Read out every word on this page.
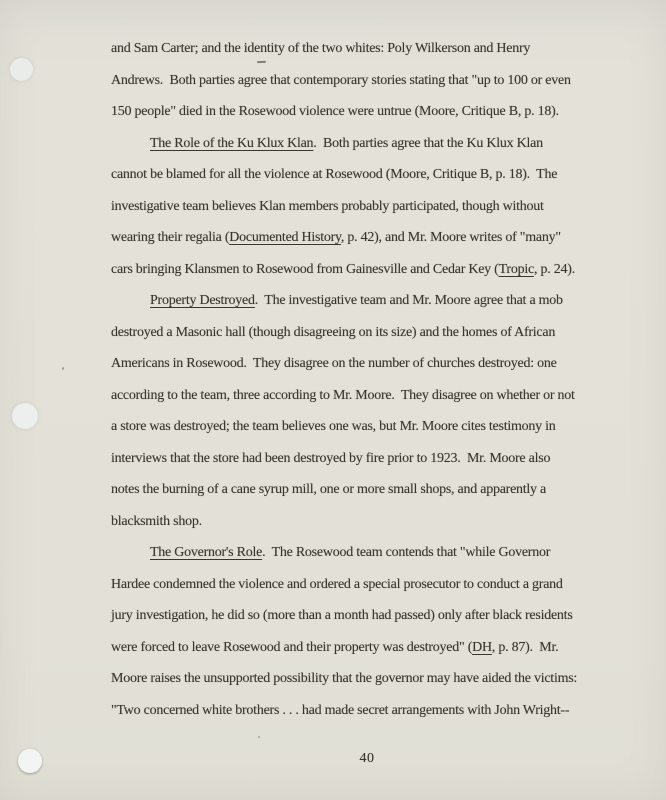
and Sam Carter; and the identity of the two whites: Poly Wilkerson and Henry
Andrews.  Both parties agree that contemporary stories stating that "up to 100 or even
150 people" died in the Rosewood violence were untrue (Moore, Critique B, p. 18).
The Role of the Ku Klux Klan.  Both parties agree that the Ku Klux Klan
cannot be blamed for all the violence at Rosewood (Moore, Critique B, p. 18).  The
investigative team believes Klan members probably participated, though without
wearing their regalia (Documented History, p. 42), and Mr. Moore writes of "many"
cars bringing Klansmen to Rosewood from Gainesville and Cedar Key (Tropic, p. 24).
Property Destroyed.  The investigative team and Mr. Moore agree that a mob
destroyed a Masonic hall (though disagreeing on its size) and the homes of African
Americans in Rosewood.  They disagree on the number of churches destroyed: one
according to the team, three according to Mr. Moore.  They disagree on whether or not
a store was destroyed; the team believes one was, but Mr. Moore cites testimony in
interviews that the store had been destroyed by fire prior to 1923.  Mr. Moore also
notes the burning of a cane syrup mill, one or more small shops, and apparently a
blacksmith shop.
The Governor's Role.  The Rosewood team contends that "while Governor
Hardee condemned the violence and ordered a special prosecutor to conduct a grand
jury investigation, he did so (more than a month had passed) only after black residents
were forced to leave Rosewood and their property was destroyed" (DH, p. 87).  Mr.
Moore raises the unsupported possibility that the governor may have aided the victims:
"Two concerned white brothers . . . had made secret arrangements with John Wright--
40
